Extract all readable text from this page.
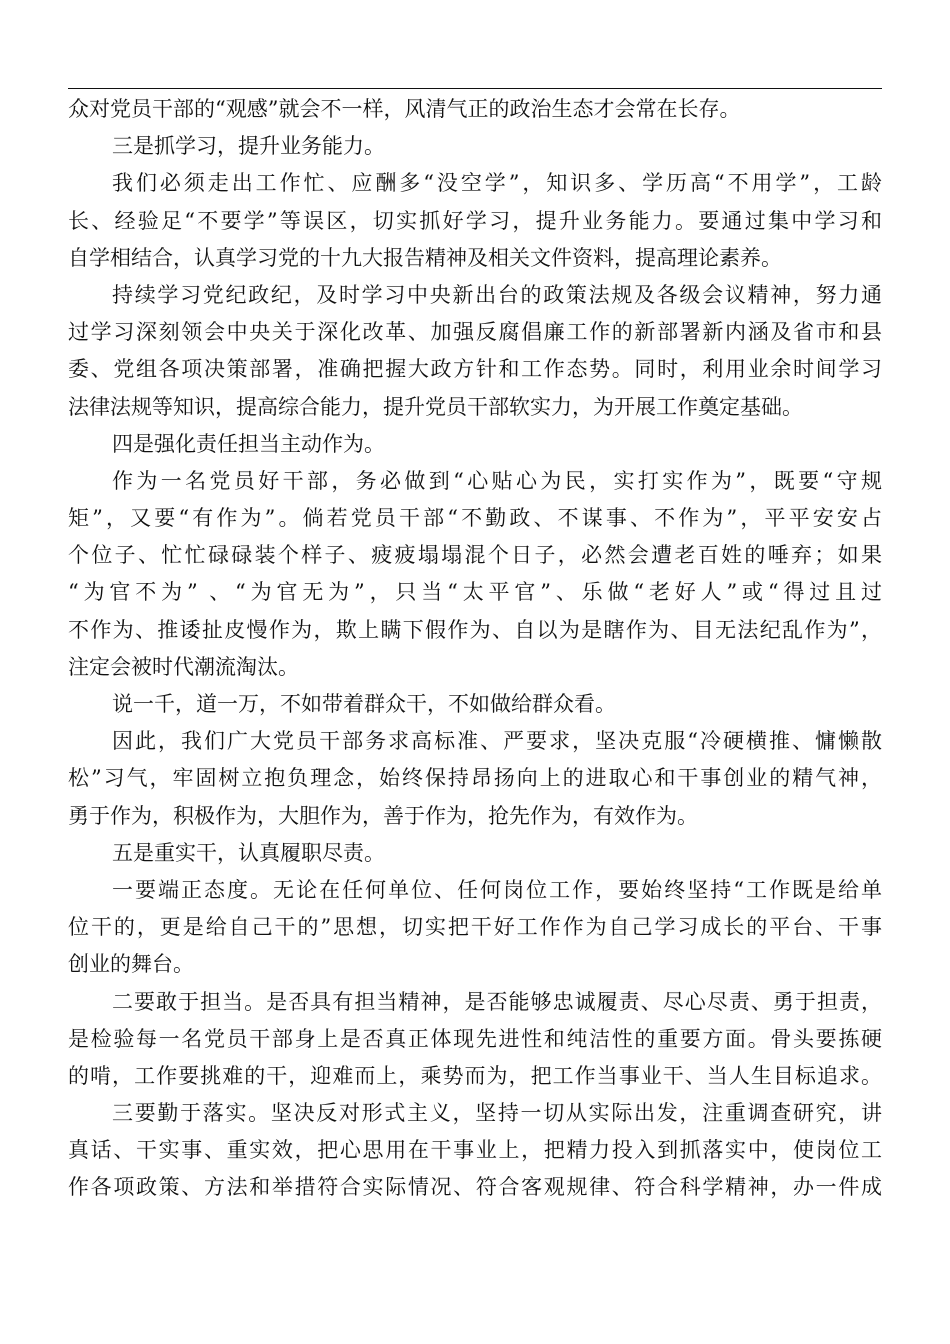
众对党员干部的“观感”就会不一样，风清气正的政治生态才会常在长存。
三是抓学习，提升业务能力。
我们必须走出工作忙、应酬多“没空学”，知识多、学历高“不用学”，工龄
长、经验足“不要学”等误区，切实抓好学习，提升业务能力。要通过集中学习和
自学相结合，认真学习党的十九大报告精神及相关文件资料，提高理论素养。
持续学习党纪政纪，及时学习中央新出台的政策法规及各级会议精神，努力通
过学习深刻领会中央关于深化改革、加强反腐倡廉工作的新部署新内涵及省市和县
委、党组各项决策部署，准确把握大政方针和工作态势。同时，利用业余时间学习
法律法规等知识，提高综合能力，提升党员干部软实力，为开展工作奠定基础。
四是强化责任担当主动作为。
作为一名党员好干部，务必做到“心贴心为民，实打实作为”，既要“守规
矩”，又要“有作为”。倘若党员干部“不勤政、不谋事、不作为”，平平安安占
个位子、忙忙碌碌装个样子、疲疲塌塌混个日子，必然会遭老百姓的唾弃；如果
“为官不为” 、“为官无为”，只当“太平官”、乐做“老好人”或“得过且过
不作为、推诿扯皮慢作为，欺上瞒下假作为、自以为是瞎作为、目无法纪乱作为”，
注定会被时代潮流淘汰。
说一千，道一万，不如带着群众干，不如做给群众看。
因此，我们广大党员干部务求高标准、严要求，坚决克服“冷硬横推、慵懒散
松”习气，牢固树立抱负理念，始终保持昂扬向上的进取心和干事创业的精气神，
勇于作为，积极作为，大胆作为，善于作为，抢先作为，有效作为。
五是重实干，认真履职尽责。
一要端正态度。无论在任何单位、任何岗位工作，要始终坚持“工作既是给单
位干的，更是给自己干的”思想，切实把干好工作作为自己学习成长的平台、干事
创业的舞台。
二要敢于担当。是否具有担当精神，是否能够忠诚履责、尽心尽责、勇于担责，
是检验每一名党员干部身上是否真正体现先进性和纯洁性的重要方面。骨头要拣硬
的啃，工作要挑难的干，迎难而上，乘势而为，把工作当事业干、当人生目标追求。
三要勤于落实。坚决反对形式主义，坚持一切从实际出发，注重调查研究，讲
真话、干实事、重实效，把心思用在干事业上，把精力投入到抓落实中，使岗位工
作各项政策、方法和举措符合实际情况、符合客观规律、符合科学精神，办一件成
